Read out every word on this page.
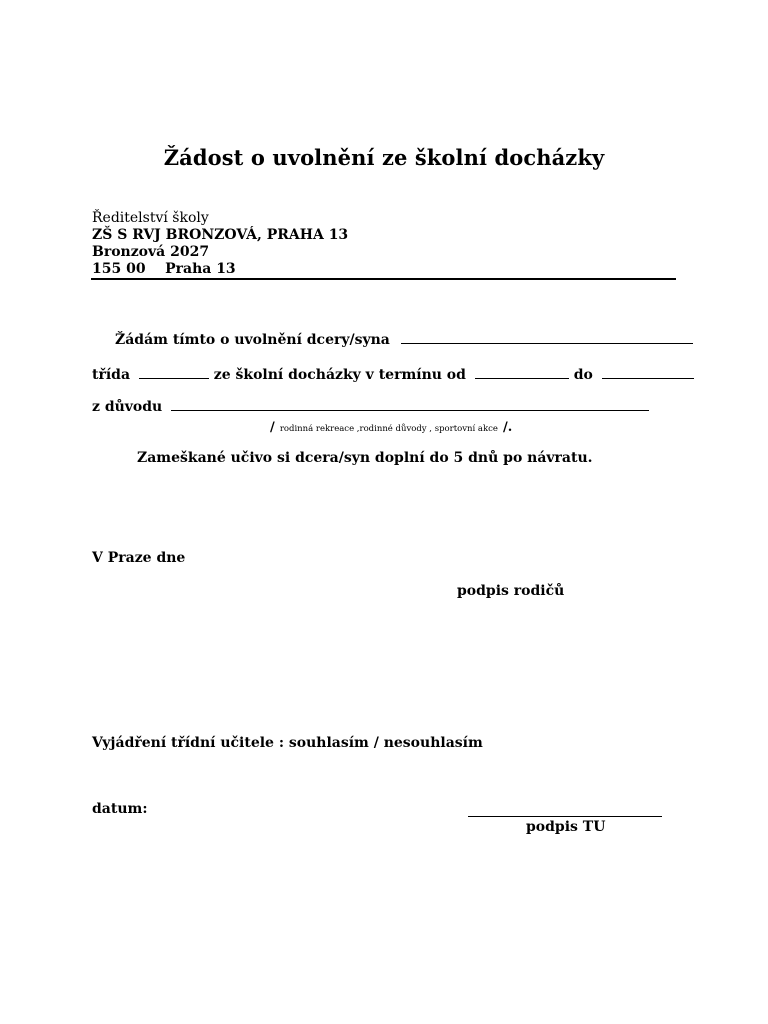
Žádost o uvolnění ze školní docházky
Ředitelství školy
ZŠ S RVJ BRONZOVÁ, PRAHA 13
Bronzová 2027
155 00 Praha 13
Žádám tímto o uvolnění dcery/syna
třída	ze školní docházky v termínu od	do
z důvodu
/ rodinná rekreace ,rodinné důvody , sportovní akce /.
Zameškané učivo si dcera/syn doplní do 5 dnů po návratu.
V Praze dne
podpis rodičů
Vyjádření třídní učitele : souhlasím / nesouhlasím
datum:
podpis TU
